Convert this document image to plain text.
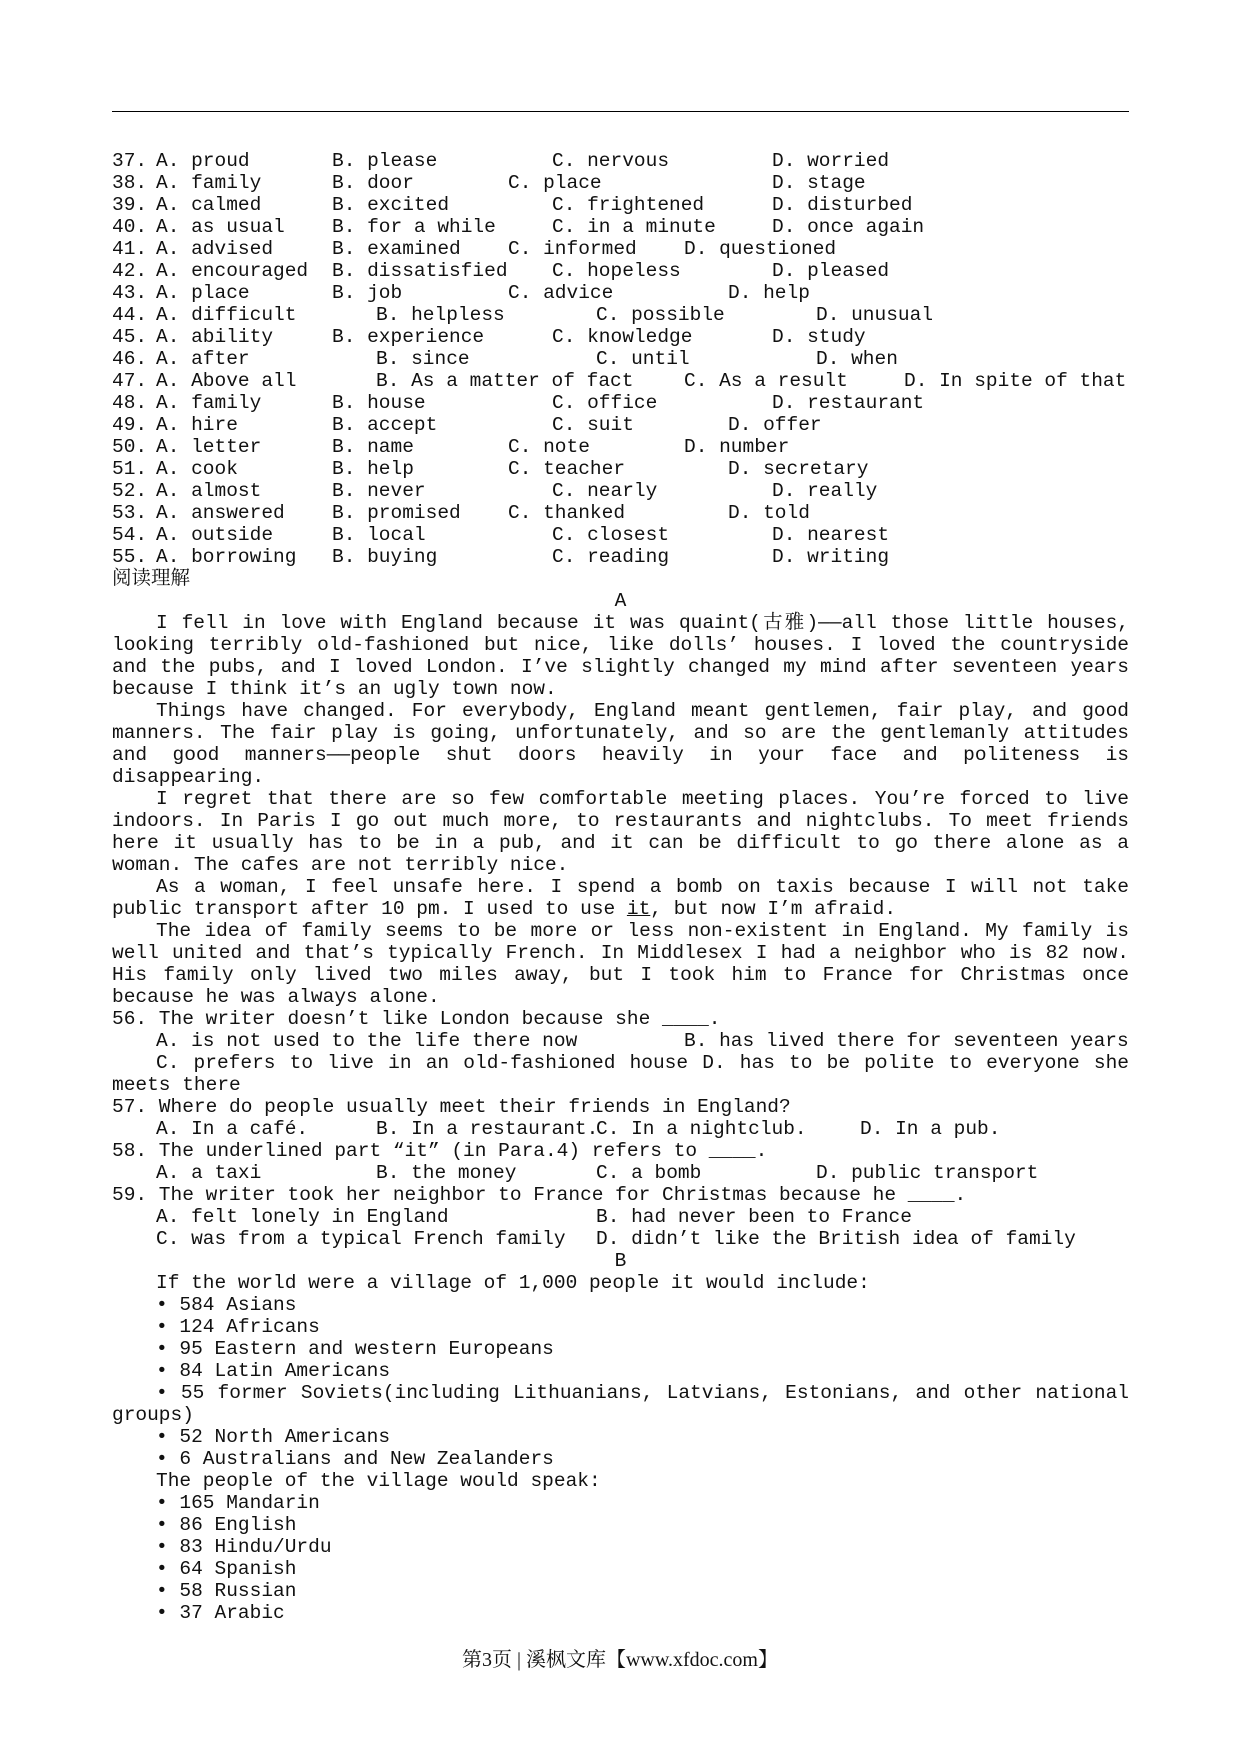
37. A. proud	B. please	C. nervous	D. worried
38. A. family	B. door	C. place	D. stage
39. A. calmed	B. excited	C. frightened	D. disturbed
40. A. as usual B. for a while	C. in a minute	D. once again
41. A. advised	B. examined C. informed D. questioned
42. A. encouraged B. dissatisfied C. hopeless	D. pleased
43. A. place	B. job	C. advice	D. help
44. A. difficult	B. helpless	C. possible	D. unusual
45. A. ability	B. experience	C. knowledge	D. study
46. A. after	B. since	C. until	D. when
47. A. Above all	B. As a matter of fact	C. As a result	D. In spite of that
48. A. family	B. house	C. office	D. restaurant
49. A. hire	B. accept	C. suit	D. offer
50. A. letter	B. name	C. note	D. number
51. A. cook	B. help	C. teacher	D. secretary
52. A. almost	B. never	C. nearly	D. really
53. A. answered B. promised C. thanked	D. told
54. A. outside	B. local	C. closest	D. nearest
55. A. borrowing B. buying	C. reading	D. writing
阅读理解
A
I fell in love with England because it was quaint(古雅)——all those little houses, looking terribly old-fashioned but nice, like dolls’ houses. I loved the countryside and the pubs, and I loved London. I’ve slightly changed my mind after seventeen years because I think it’s an ugly town now.
Things have changed. For everybody, England meant gentlemen, fair play, and good manners. The fair play is going, unfortunately, and so are the gentlemanly attitudes and good manners——people shut doors heavily in your face and politeness is disappearing.
I regret that there are so few comfortable meeting places. You’re forced to live indoors. In Paris I go out much more, to restaurants and nightclubs. To meet friends here it usually has to be in a pub, and it can be difficult to go there alone as a woman. The cafes are not terribly nice.
As a woman, I feel unsafe here. I spend a bomb on taxis because I will not take public transport after 10 pm. I used to use it, but now I’m afraid.
The idea of family seems to be more or less non-existent in England. My family is well united and that’s typically French. In Middlesex I had a neighbor who is 82 now. His family only lived two miles away, but I took him to France for Christmas once because he was always alone.
56. The writer doesn’t like London because she ____.

A. is not used to the life there now

	B. has lived there for seventeen years

C. prefers to live in an old-fashioned house D. has to be polite to everyone she meets there
57. Where do people usually meet their friends in England?

A. In a café.

	B. In a restaurant.

C. In a nightclub.

	D. In a pub.

58. The underlined part “it” (in Para.4) refers to ____.

A. a taxi

	B. the money

	C. a bomb

	D. public transport

59. The writer took her neighbor to France for Christmas because he ____.

A. felt lonely in England

	B. had never been to France

C. was from a typical French family

D. didn’t like the British idea of family

B
If the world were a village of 1,000 people it would include:
• 584 Asians
• 124 Africans
• 95 Eastern and western Europeans
• 84 Latin Americans
• 55 former Soviets(including Lithuanians, Latvians, Estonians, and other national groups)
• 52 North Americans
• 6 Australians and New Zealanders
The people of the village would speak:
• 165 Mandarin
• 86 English
• 83 Hindu/Urdu
• 64 Spanish
• 58 Russian
• 37 Arabic
第3页 | 溪枫文库【www.xfdoc.com】
